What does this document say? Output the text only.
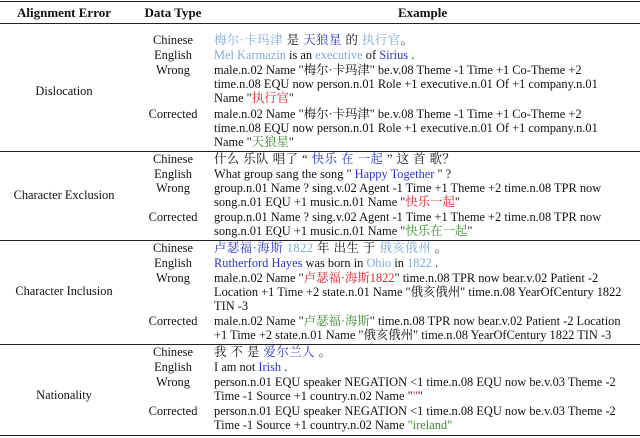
Alignment Error	Data Type	Example
Dislocation
Chinese
English
Wrong
Corrected
梅尔·卡玛津 是 天狼星 的 执行官。
Mel Karmazin is an executive of Sirius .
male.n.02 Name "梅尔·卡玛津" be.v.08 Theme -1 Time +1 Co-Theme +2
time.n.08 EQU now person.n.01 Role +1 executive.n.01 Of +1 company.n.01
Name "执行官"
male.n.02 Name "梅尔·卡玛津" be.v.08 Theme -1 Time +1 Co-Theme +2
time.n.08 EQU now person.n.01 Role +1 executive.n.01 Of +1 company.n.01
Name "天狼星"
Character Exclusion
Chinese
English
Wrong
Corrected
什么 乐队 唱了 “ 快乐 在 一起 ” 这 首 歌？
What group sang the song " Happy Together " ?
group.n.01 Name ? sing.v.02 Agent -1 Time +1 Theme +2 time.n.08 TPR now
song.n.01 EQU +1 music.n.01 Name "快乐一起"
group.n.01 Name ? sing.v.02 Agent -1 Time +1 Theme +2 time.n.08 TPR now
song.n.01 EQU +1 music.n.01 Name "快乐在一起"
Character Inclusion
Chinese
English
Wrong
Corrected
卢瑟福·海斯 1822 年 出生 于 俄亥俄州 。
Rutherford Hayes was born in Ohio in 1822 .
male.n.02 Name "卢瑟福·海斯1822" time.n.08 TPR now bear.v.02 Patient -2
Location +1 Time +2 state.n.01 Name "俄亥俄州" time.n.08 YearOfCentury 1822
TIN -3
male.n.02 Name "卢瑟福·海斯" time.n.08 TPR now bear.v.02 Patient -2 Location
+1 Time +2 state.n.01 Name "俄亥俄州" time.n.08 YearOfCentury 1822 TIN -3
Nationality
Chinese
English
Wrong
Corrected
我 不 是 爱尔兰人 。
I am not Irish .
person.n.01 EQU speaker NEGATION <1 time.n.08 EQU now be.v.03 Theme -2
Time -1 Source +1 country.n.02 Name """
person.n.01 EQU speaker NEGATION <1 time.n.08 EQU now be.v.03 Theme -2
Time -1 Source +1 country.n.02 Name "ireland"
